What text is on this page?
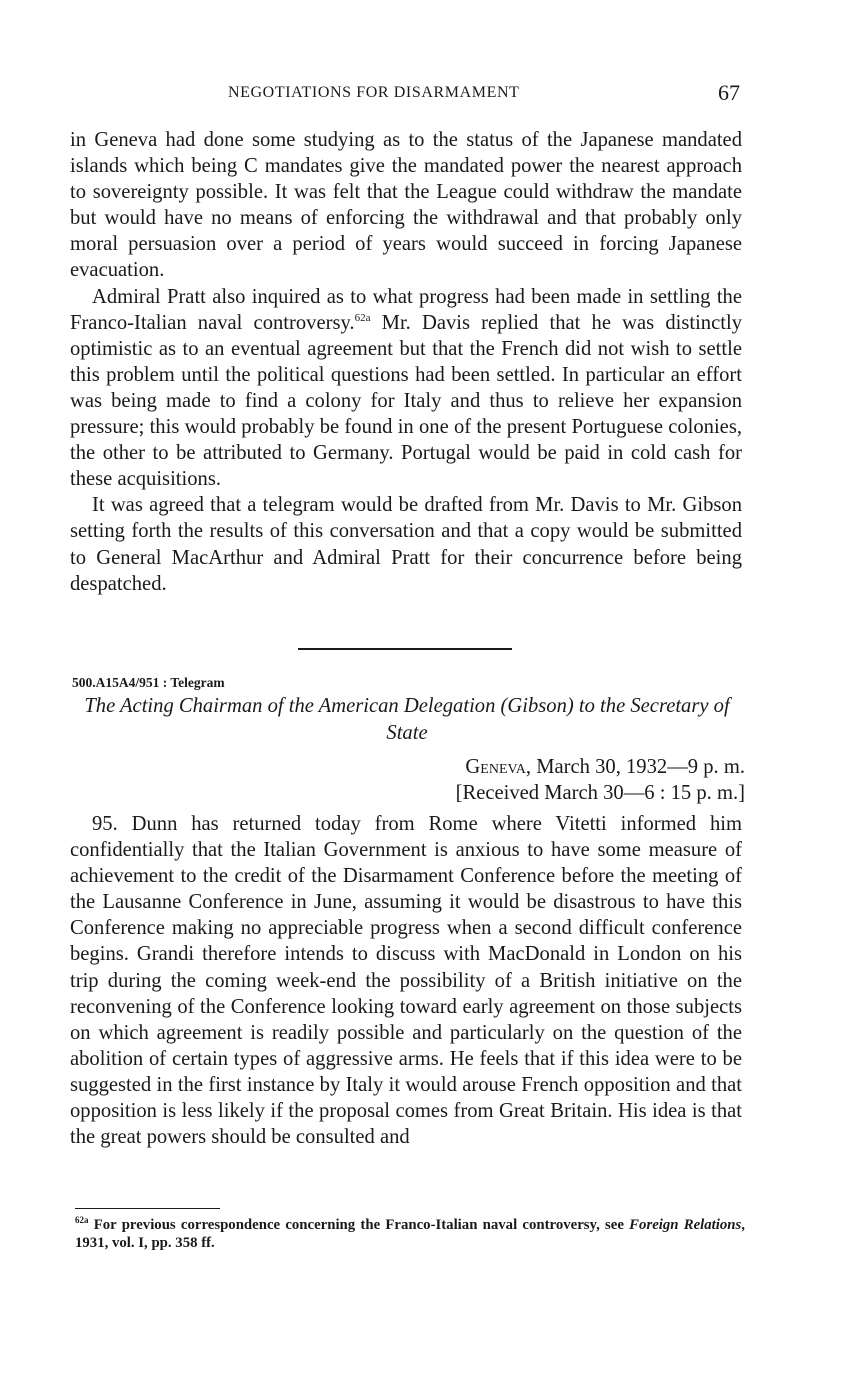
NEGOTIATIONS FOR DISARMAMENT	67

in Geneva had done some studying as to the status of the Japanese mandated islands which being C mandates give the mandated power the nearest approach to sovereignty possible. It was felt that the League could withdraw the mandate but would have no means of enforcing the withdrawal and that probably only moral persuasion over a period of years would succeed in forcing Japanese evacuation.

Admiral Pratt also inquired as to what progress had been made in settling the Franco-Italian naval controversy.$^{62a}$ Mr. Davis replied that he was distinctly optimistic as to an eventual agreement but that the French did not wish to settle this problem until the political questions had been settled. In particular an effort was being made to find a colony for Italy and thus to relieve her expansion pressure; this would probably be found in one of the present Portuguese colonies, the other to be attributed to Germany. Portugal would be paid in cold cash for these acquisitions.

It was agreed that a telegram would be drafted from Mr. Davis to Mr. Gibson setting forth the results of this conversation and that a copy would be submitted to General MacArthur and Admiral Pratt for their concurrence before being despatched.

500.A15A4/951 : Telegram
The Acting Chairman of the American Delegation (Gibson) to the Secretary of State
Geneva, March 30, 1932—9 p. m.
[Received March 30—6 : 15 p. m.]
95. Dunn has returned today from Rome where Vitetti informed him confidentially that the Italian Government is anxious to have some measure of achievement to the credit of the Disarmament Conference before the meeting of the Lausanne Conference in June, assuming it would be disastrous to have this Conference making no appreciable progress when a second difficult conference begins. Grandi therefore intends to discuss with MacDonald in London on his trip during the coming week-end the possibility of a British initiative on the reconvening of the Conference looking toward early agreement on those subjects on which agreement is readily possible and particularly on the question of the abolition of certain types of aggressive arms. He feels that if this idea were to be suggested in the first instance by Italy it would arouse French opposition and that opposition is less likely if the proposal comes from Great Britain. His idea is that the great powers should be consulted and
$^{62a}$ For previous correspondence concerning the Franco-Italian naval controversy, see Foreign Relations, 1931, vol. I, pp. 358 ff.
